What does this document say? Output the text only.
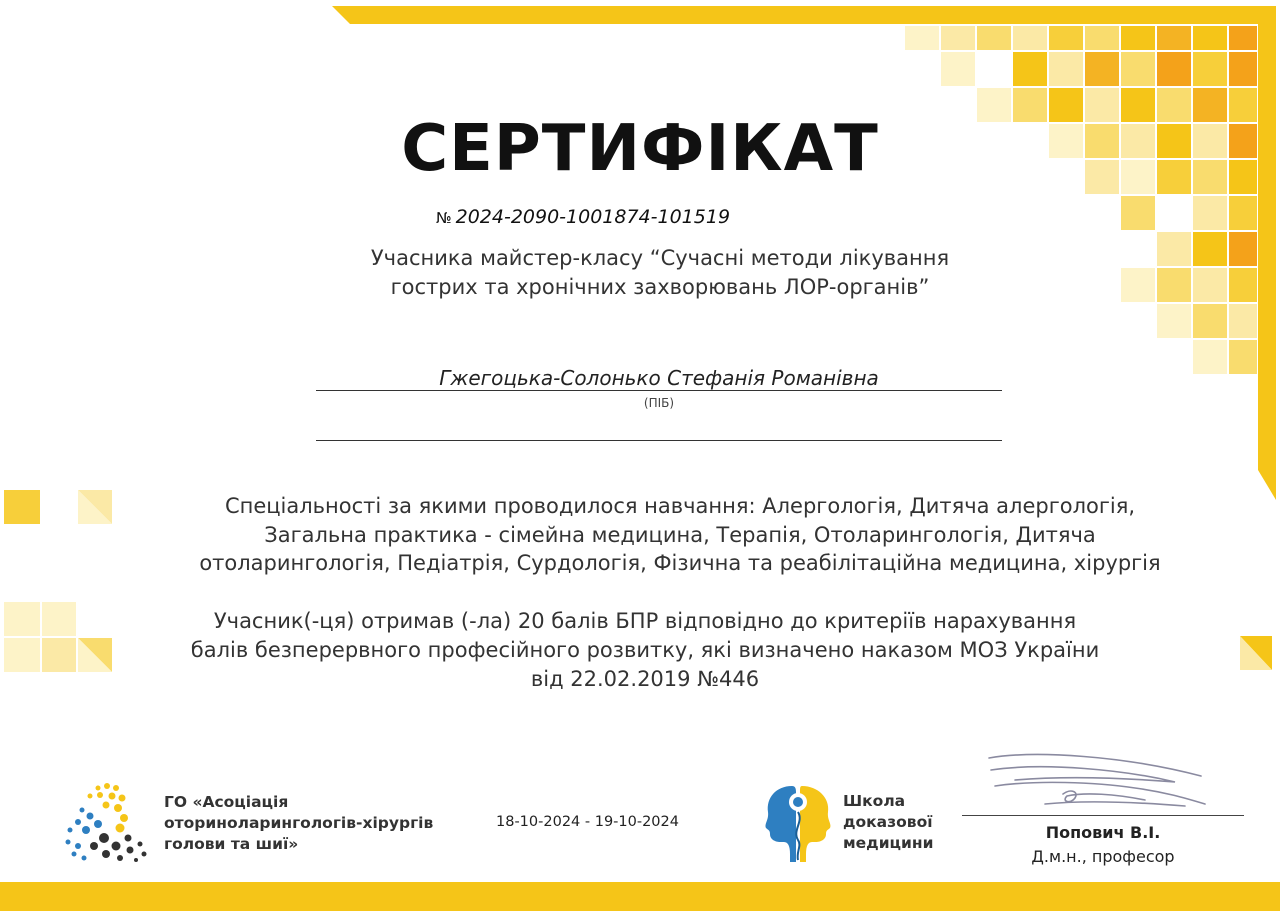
СЕРТИФІКАТ
№ 2024-2090-1001874-101519
Учасника майстер-класу “Сучасні методи лікування
гострих та хронічних захворювань ЛОР-органів”
Гжегоцька-Солонько Стефанія Романівна
(ПІБ)
Спеціальності за якими проводилося навчання: Алергологія, Дитяча алергологія,
Загальна практика - сімейна медицина, Терапія, Отоларингологія, Дитяча
отоларингологія, Педіатрія, Сурдологія, Фізична та реабілітаційна медицина, хірургія
Учасник(-ця) отримав (-ла) 20 балів БПР відповідно до критеріїв нарахування
балів безперервного професійного розвитку, які визначено наказом МОЗ України
від 22.02.2019 №446
ГО «Асоціація
оториноларингологів-хірургів
голови та шиї»
18-10-2024 - 19-10-2024
Школа
доказової
медицини
Попович В.І.
Д.м.н., професор
